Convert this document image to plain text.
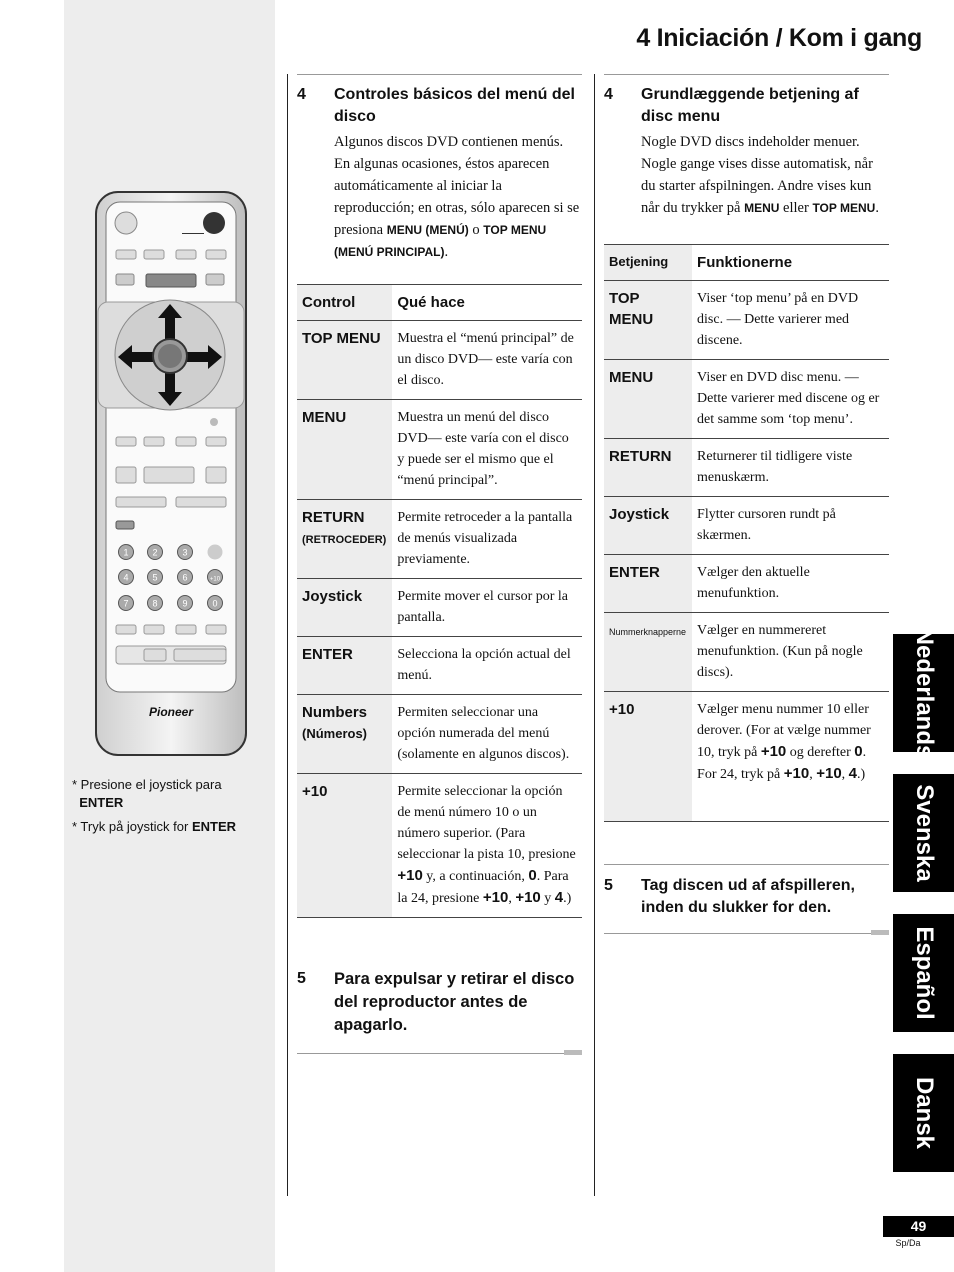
4 Iniciación / Kom i gang
1	2	3
4	5	6	+10
7	8	9	0
Pioneer
* Presione el joystick para
ENTER
* Tryk på joystick for ENTER
4	Controles básicos del menú del disco

Algunos discos DVD contienen menús. En algunas ocasiones, éstos aparecen automáticamente al iniciar la reproducción; en otras, sólo aparecen si se presiona MENU (MENÚ) o TOP MENU (MENÚ PRINCIPAL).

Control	Qué hace
TOP MENU	Muestra el “menú principal” de un disco DVD— este varía con el disco.
MENU	Muestra un menú del disco DVD— este varía con el disco y puede ser el mismo que el “menú principal”.
RETURN
(RETROCEDER)	Permite retroceder a la pantalla de menús visualizada previamente.
Joystick	Permite mover el cursor por la pantalla.
ENTER	Selecciona la opción actual del menú.
Numbers
(Números)	Permiten seleccionar una opción numerada del menú (solamente en algunos discos).
+10	Permite seleccionar la opción de menú número 10 o un número superior. (Para seleccionar la pista 10, presione +10 y, a continuación, 0. Para la 24, presione +10, +10 y 4.)
5	Para expulsar y retirar el disco del reproductor antes de apagarlo.
4	Grundlæggende betjening af disc menu

Nogle DVD discs indeholder menuer. Nogle gange vises disse automatisk, når du starter afspilningen. Andre vises kun når du trykker på MENU eller TOP MENU.

Betjening	Funktionerne
TOP MENU	Viser ‘top menu’ på en DVD disc. — Dette varierer med discene.
MENU	Viser en DVD disc menu. — Dette varierer med discene og er det samme som ‘top menu’.
RETURN	Returnerer til tidligere viste menuskærm.
Joystick	Flytter cursoren rundt på skærmen.
ENTER	Vælger den aktuelle menufunktion.
Nummerknapperne	Vælger en nummereret menufunktion. (Kun på nogle discs).
+10	Vælger menu nummer 10 eller derover. (For at vælge nummer 10, tryk på +10 og derefter 0. For 24, tryk på +10, +10, 4.)
5	Tag discen ud af afspilleren, inden du slukker for den.
Nederlands
Svenska
Español
Dansk
49
Sp/Da
